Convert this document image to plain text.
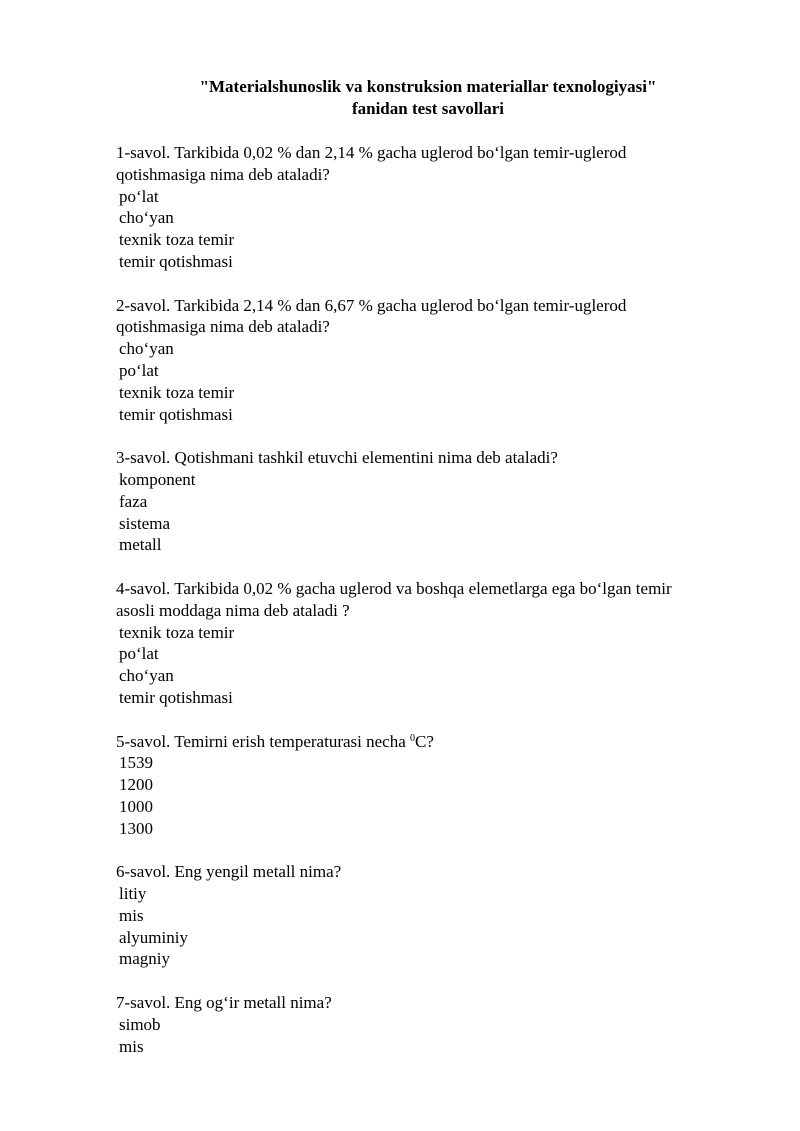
"Materialshunoslik va konstruksion materiallar texnologiyasi"
fanidan test savollari
1-savol. Tarkibida 0,02 % dan 2,14 % gacha uglerod bo‘lgan temir-uglerod
qotishmasiga nima deb ataladi?
po‘lat
cho‘yan
texnik toza temir
temir qotishmasi
2-savol. Tarkibida 2,14 % dan 6,67 % gacha uglerod bo‘lgan temir-uglerod
qotishmasiga nima deb ataladi?
cho‘yan
po‘lat
texnik toza temir
temir qotishmasi
3-savol. Qotishmani tashkil etuvchi elementini nima deb ataladi?
komponent
faza
sistema
metall
4-savol. Tarkibida 0,02 % gacha uglerod va boshqa elemetlarga ega bo‘lgan temir
asosli moddaga nima deb ataladi ?
texnik toza temir
po‘lat
cho‘yan
temir qotishmasi
5-savol. Temirni erish temperaturasi necha $^0$C?
1539
1200
1000
1300
6-savol. Eng yengil metall nima?
litiy
mis
alyuminiy
magniy
7-savol. Eng og‘ir metall nima?
simob
mis
